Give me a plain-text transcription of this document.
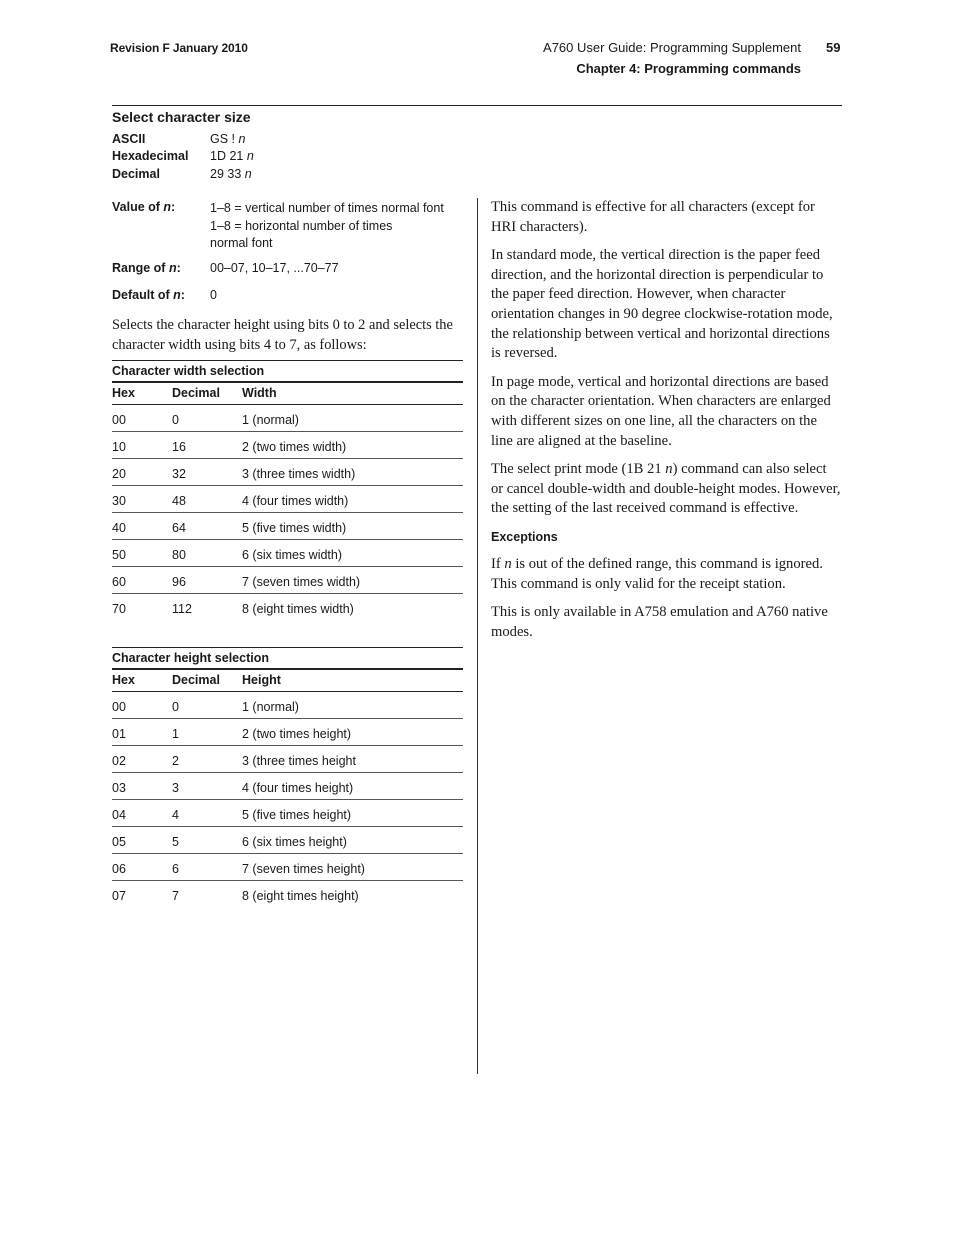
Revision F January 2010	A760 User Guide: Programming Supplement 59
Chapter 4: Programming commands
Select character size
ASCII	GS ! n
Hexadecimal 1D 21 n
Decimal	29 33 n
Value of n:	1–8 = vertical number of times normal font
1–8 = horizontal number of times
normal font
Range of n: 00–07, 10–17, ...70–77
Default of n: 0
Selects the character height using bits 0 to 2 and selects the character width using bits 4 to 7, as follows:
Character width selection
Hex	Decimal	Width
00	0	1 (normal)
10	16	2 (two times width)
20	32	3 (three times width)
30	48	4 (four times width)
40	64	5 (five times width)
50	80	6 (six times width)
60	96	7 (seven times width)
70	112	8 (eight times width)
Character height selection
Hex	Decimal	Height
00	0	1 (normal)
01	1	2 (two times height)
02	2	3 (three times height
03	3	4 (four times height)
04	4	5 (five times height)
05	5	6 (six times height)
06	6	7 (seven times height)
07	7	8 (eight times height)

This command is effective for all characters (except for HRI characters).

In standard mode, the vertical direction is the paper feed direction, and the horizontal direction is perpendicular to the paper feed direction. However, when character orientation changes in 90 degree clockwise-rotation mode, the relationship between vertical and horizontal directions is reversed.

In page mode, vertical and horizontal directions are based on the character orientation. When characters are enlarged with different sizes on one line, all the characters on the line are aligned at the baseline.

The select print mode (1B 21 n) command can also select or cancel double-width and double-height modes. However, the setting of the last received command is effective.

Exceptions

If n is out of the defined range, this command is ignored. This command is only valid for the receipt station.

This is only available in A758 emulation and A760 native modes.
